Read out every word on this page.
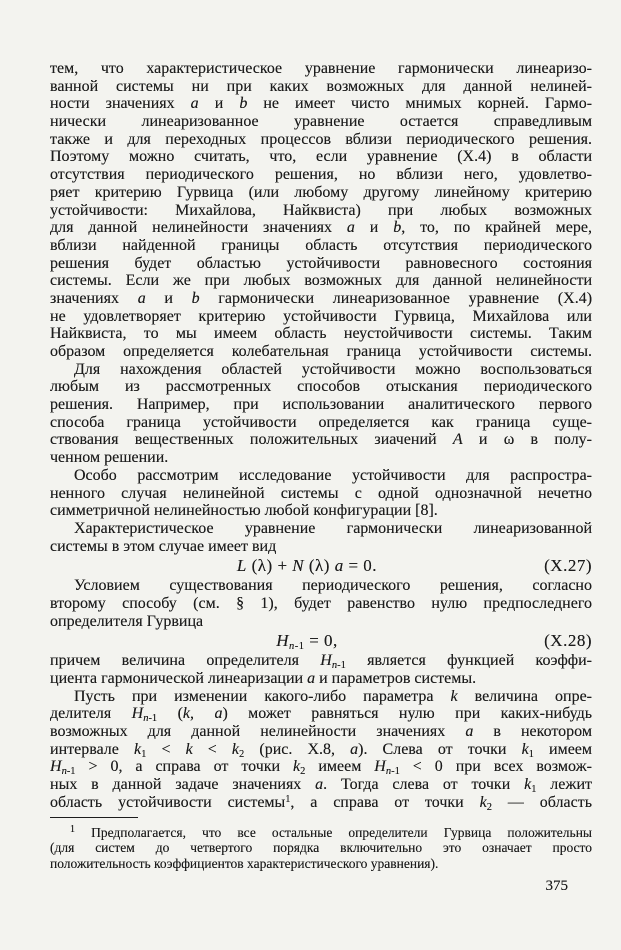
тем, что характеристическое уравнение гармонически линеаризо-
ванной системы ни при каких возможных для данной нелиней-
ности значениях a и b не имеет чисто мнимых корней. Гармо-
нически линеаризованное уравнение остается справедливым
также и для переходных процессов вблизи периодического решения.
Поэтому можно считать, что, если уравнение (X.4) в области
отсутствия периодического решения, но вблизи него, удовлетво-
ряет критерию Гурвица (или любому другому линейному критерию
устойчивости: Михайлова, Найквиста) при любых возможных
для данной нелинейности значениях a и b, то, по крайней мере,
вблизи найденной границы область отсутствия периодического
решения будет областью устойчивости равновесного состояния
системы. Если же при любых возможных для данной нелинейности
значениях a и b гармонически линеаризованное уравнение (X.4)
не удовлетворяет критерию устойчивости Гурвица, Михайлова или
Найквиста, то мы имеем область неустойчивости системы. Таким
образом определяется колебательная граница устойчивости системы.
Для нахождения областей устойчивости можно воспользоваться
любым из рассмотренных способов отыскания периодического
решения. Например, при использовании аналитического первого
способа граница устойчивости определяется как граница суще-
ствования вещественных положительных зиачений A и ω в полу-
ченном решении.
Особо рассмотрим исследование устойчивости для распростра-
ненного случая нелинейной системы с одной однозначной нечетно
симметричной нелинейностью любой конфигурации [8].
Характеристическое уравнение гармонически линеаризованной
системы в этом случае имеет вид
L (λ) + N (λ) a = 0.	(X.27)
Условием существования периодического решения, согласно
второму способу (см. § 1), будет равенство нулю предпоследнего
определителя Гурвица
$H_{n-1} = 0$,	(X.28)
причем величина определителя $H_{n-1}$ является функцией коэффи-
циента гармонической линеаризации a и параметров системы.
Пусть при изменении какого-либо параметра k величина опре-
делителя $H_{n-1}$ (k, a) может равняться нулю при каких-нибудь
возможных для данной нелинейности значениях a в некотором
интервале $k_1 < k < k_2$ (рис. X.8, а). Слева от точки $k_1$ имеем
$H_{n-1} > 0$, а справа от точки $k_2$ имеем $H_{n-1} < 0$ при всех возмож-
ных в данной задаче значениях a. Тогда слева от точки $k_1$ лежит
область устойчивости системы$^1$, а справа от точки $k_2$ — область
$^1$ Предполагается, что все остальные определители Гурвица положительны
(для систем до четвертого порядка включительно это означает просто
положительность коэффициентов характеристического уравнения).
375
